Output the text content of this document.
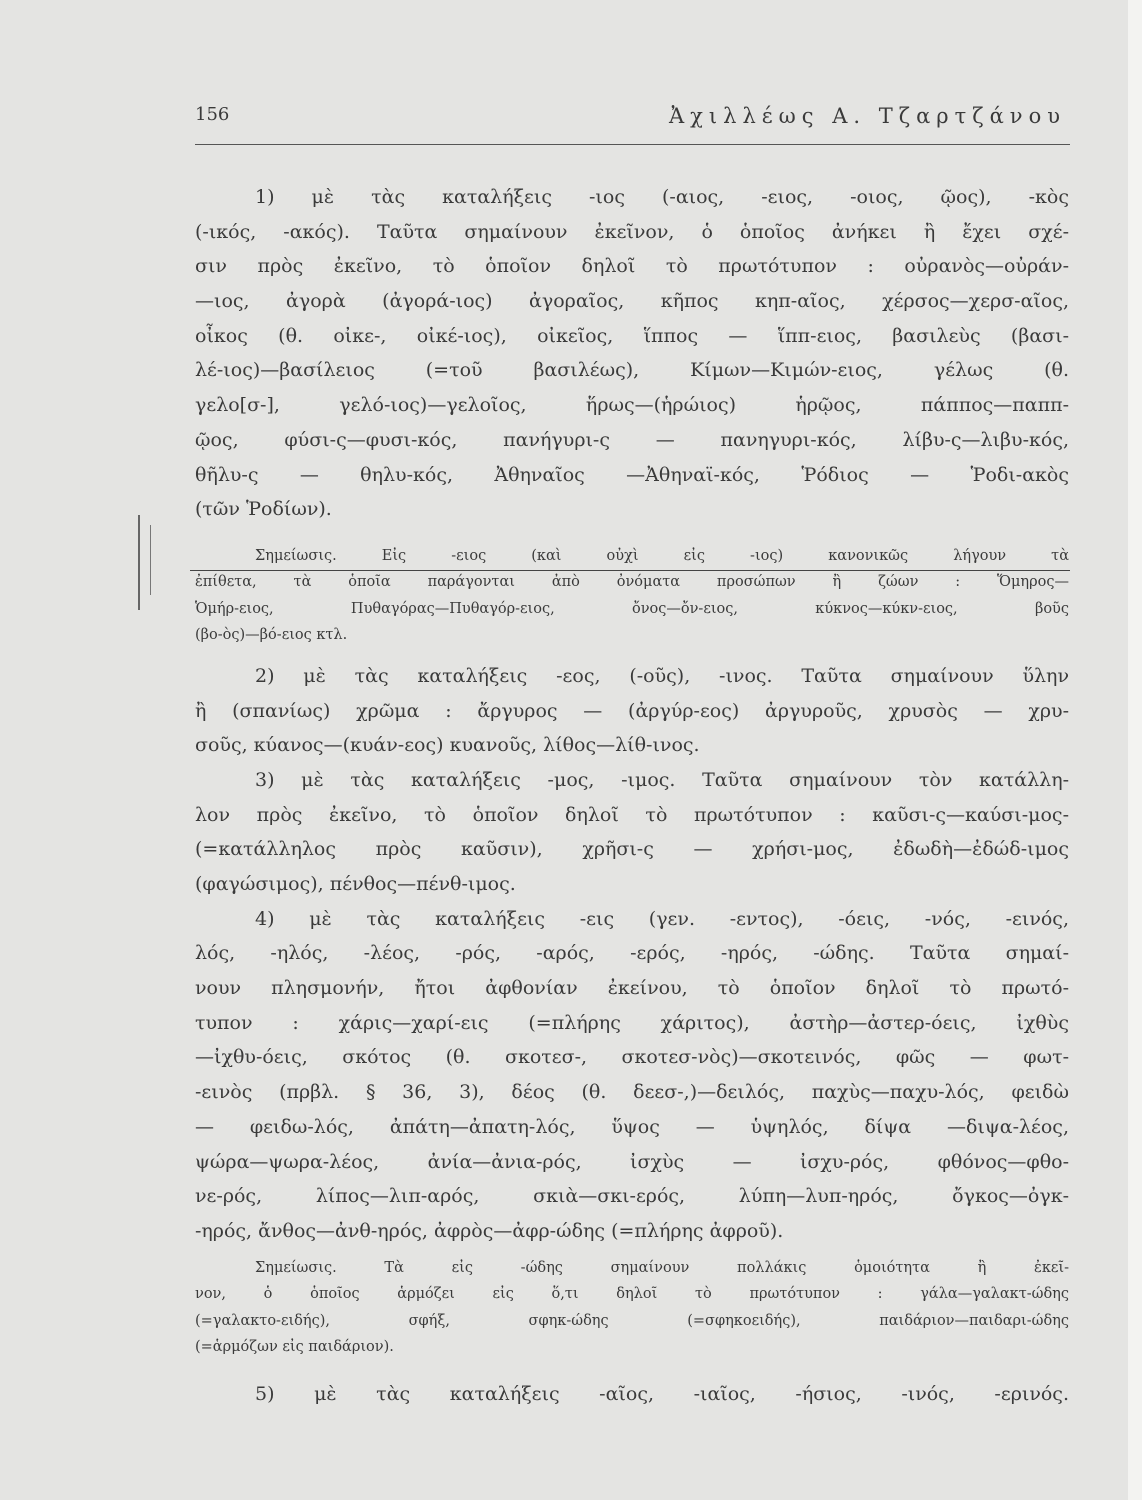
156	Ἀχιλλέως Α. Τζαρτζάνου
1) μὲ τὰς καταλήξεις -ιος (-αιος, -ειος, -οιος, ῷος), -κὸς
(-ικός, -ακός). Ταῦτα σημαίνουν ἐκεῖνον, ὁ ὁποῖος ἀνήκει ἢ ἔχει σχέ-
σιν πρὸς ἐκεῖνο, τὸ ὁποῖον δηλοῖ τὸ πρωτότυπον : οὐρανὸς—οὐράν-
—ιος, ἀγορὰ (ἀγορά-ιος) ἀγοραῖος, κῆπος κηπ-αῖος, χέρσος—χερσ-αῖος,
οἶκος (θ. οἰκε-, οἰκέ-ιος), οἰκεῖος, ἵππος — ἵππ-ειος, βασιλεὺς (βασι-
λέ-ιος)—βασίλειος (=τοῦ βασιλέως), Κίμων—Κιμών-ειος, γέλως (θ.
γελο[σ-], γελό-ιος)—γελοῖος, ἥρως—(ἡρώιος) ἡρῷος, πάππος—παππ-
ῷος, φύσι-ς—φυσι-κός, πανήγυρι-ς — πανηγυρι-κός, λίβυ-ς—λιβυ-κός,
θῆλυ-ς — θηλυ-κός, Ἀθηναῖος —Ἀθηναϊ-κός, Ῥόδιος — Ῥοδι-ακὸς
(τῶν Ῥοδίων).
Σημείωσις. Εἰς -ειος (καὶ οὐχὶ εἰς -ιος) κανονικῶς λήγουν τὰ
ἐπίθετα, τὰ ὁποῖα παράγονται ἀπὸ ὀνόματα προσώπων ἢ ζώων : Ὅμηρος—
Ὁμήρ-ειος, Πυθαγόρας—Πυθαγόρ-ειος, ὄνος—ὄν-ειος, κύκνος—κύκν-ειος, βοῦς
(βο-ὸς)—βό-ειος κτλ.
2) μὲ τὰς καταλήξεις -εος, (-οῦς), -ινος. Ταῦτα σημαίνουν ὕλην
ἢ (σπανίως) χρῶμα : ἄργυρος — (ἀργύρ-εος) ἀργυροῦς, χρυσὸς — χρυ-
σοῦς, κύανος—(κυάν-εος) κυανοῦς, λίθος—λίθ-ινος.
3) μὲ τὰς καταλήξεις -μος, -ιμος. Ταῦτα σημαίνουν τὸν κατάλλη-
λον πρὸς ἐκεῖνο, τὸ ὁποῖον δηλοῖ τὸ πρωτότυπον : καῦσι-ς—καύσι-μος-
(=κατάλληλος πρὸς καῦσιν), χρῆσι-ς — χρήσι-μος, ἐδωδὴ—ἐδώδ-ιμος
(φαγώσιμος), πένθος—πένθ-ιμος.
4) μὲ τὰς καταλήξεις -εις (γεν. -εντος), -όεις, -νός, -εινός,
λός, -ηλός, -λέος, -ρός, -αρός, -ερός, -ηρός, -ώδης. Ταῦτα σημαί-
νουν πλησμονήν, ἤτοι ἀφθονίαν ἐκείνου, τὸ ὁποῖον δηλοῖ τὸ πρωτό-
τυπον : χάρις—χαρί-εις (=πλήρης χάριτος), ἀστὴρ—ἀστερ-όεις, ἰχθὺς
—ἰχθυ-όεις, σκότος (θ. σκοτεσ-, σκοτεσ-νὸς)—σκοτεινός, φῶς — φωτ-
-εινὸς (πρβλ. § 36, 3), δέος (θ. δεεσ-,)—δειλός, παχὺς—παχυ-λός, φειδὼ
— φειδω-λός, ἀπάτη—ἀπατη-λός, ὕψος — ὑψηλός, δίψα —διψα-λέος,
ψώρα—ψωρα-λέος, ἀνία—ἀνια-ρός, ἰσχὺς — ἰσχυ-ρός, φθόνος—φθο-
νε-ρός, λίπος—λιπ-αρός, σκιὰ—σκι-ερός, λύπη—λυπ-ηρός, ὄγκος—ὀγκ-
-ηρός, ἄνθος—ἀνθ-ηρός, ἀφρὸς—ἀφρ-ώδης (=πλήρης ἀφροῦ).
Σημείωσις. Τὰ εἰς -ώδης σημαίνουν πολλάκις ὁμοιότητα ἢ ἐκεῖ-
νον, ὁ ὁποῖος ἁρμόζει εἰς ὅ,τι δηλοῖ τὸ πρωτότυπον : γάλα—γαλακτ-ώδης
(=γαλακτο-ειδής), σφήξ, σφηκ-ώδης (=σφηκοειδής), παιδάριον—παιδαρι-ώδης
(=ἁρμόζων εἰς παιδάριον).
5) μὲ τὰς καταλήξεις -αῖος, -ιαῖος, -ήσιος, -ινός, -ερινός.
